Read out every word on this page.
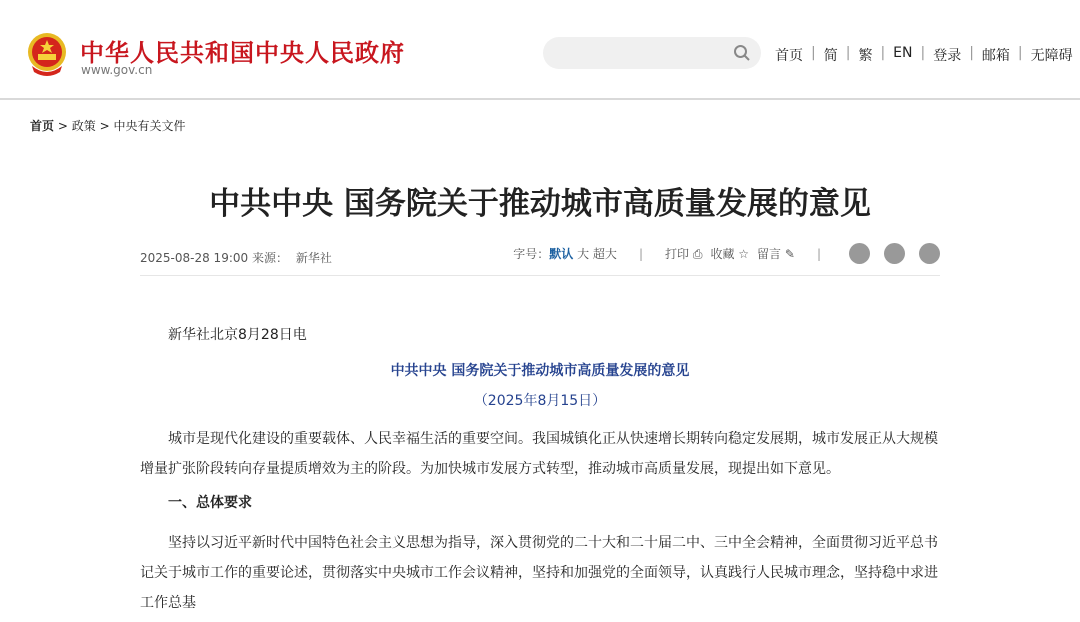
中华人民共和国中央人民政府
www.gov.cn
首页 | 简 | 繁 | EN | 登录 | 邮箱 | 无障碍
首页 > 政策 > 中央有关文件
中共中央 国务院关于推动城市高质量发展的意见
2025-08-28 19:00 来源： 新华社	字号：默认 大 超大 | 打印 ⎙ 收藏 ☆ 留言 ✎ |

新华社北京8月28日电

中共中央 国务院关于推动城市高质量发展的意见

（2025年8月15日）

城市是现代化建设的重要载体、人民幸福生活的重要空间。我国城镇化正从快速增长期转向稳定发展期，城市发展正从大规模增量扩张阶段转向存量提质增效为主的阶段。为加快城市发展方式转型，推动城市高质量发展，现提出如下意见。

一、总体要求

坚持以习近平新时代中国特色社会主义思想为指导，深入贯彻党的二十大和二十届二中、三中全会精神，全面贯彻习近平总书记关于城市工作的重要论述，贯彻落实中央城市工作会议精神，坚持和加强党的全面领导，认真践行人民城市理念，坚持稳中求进工作总基
